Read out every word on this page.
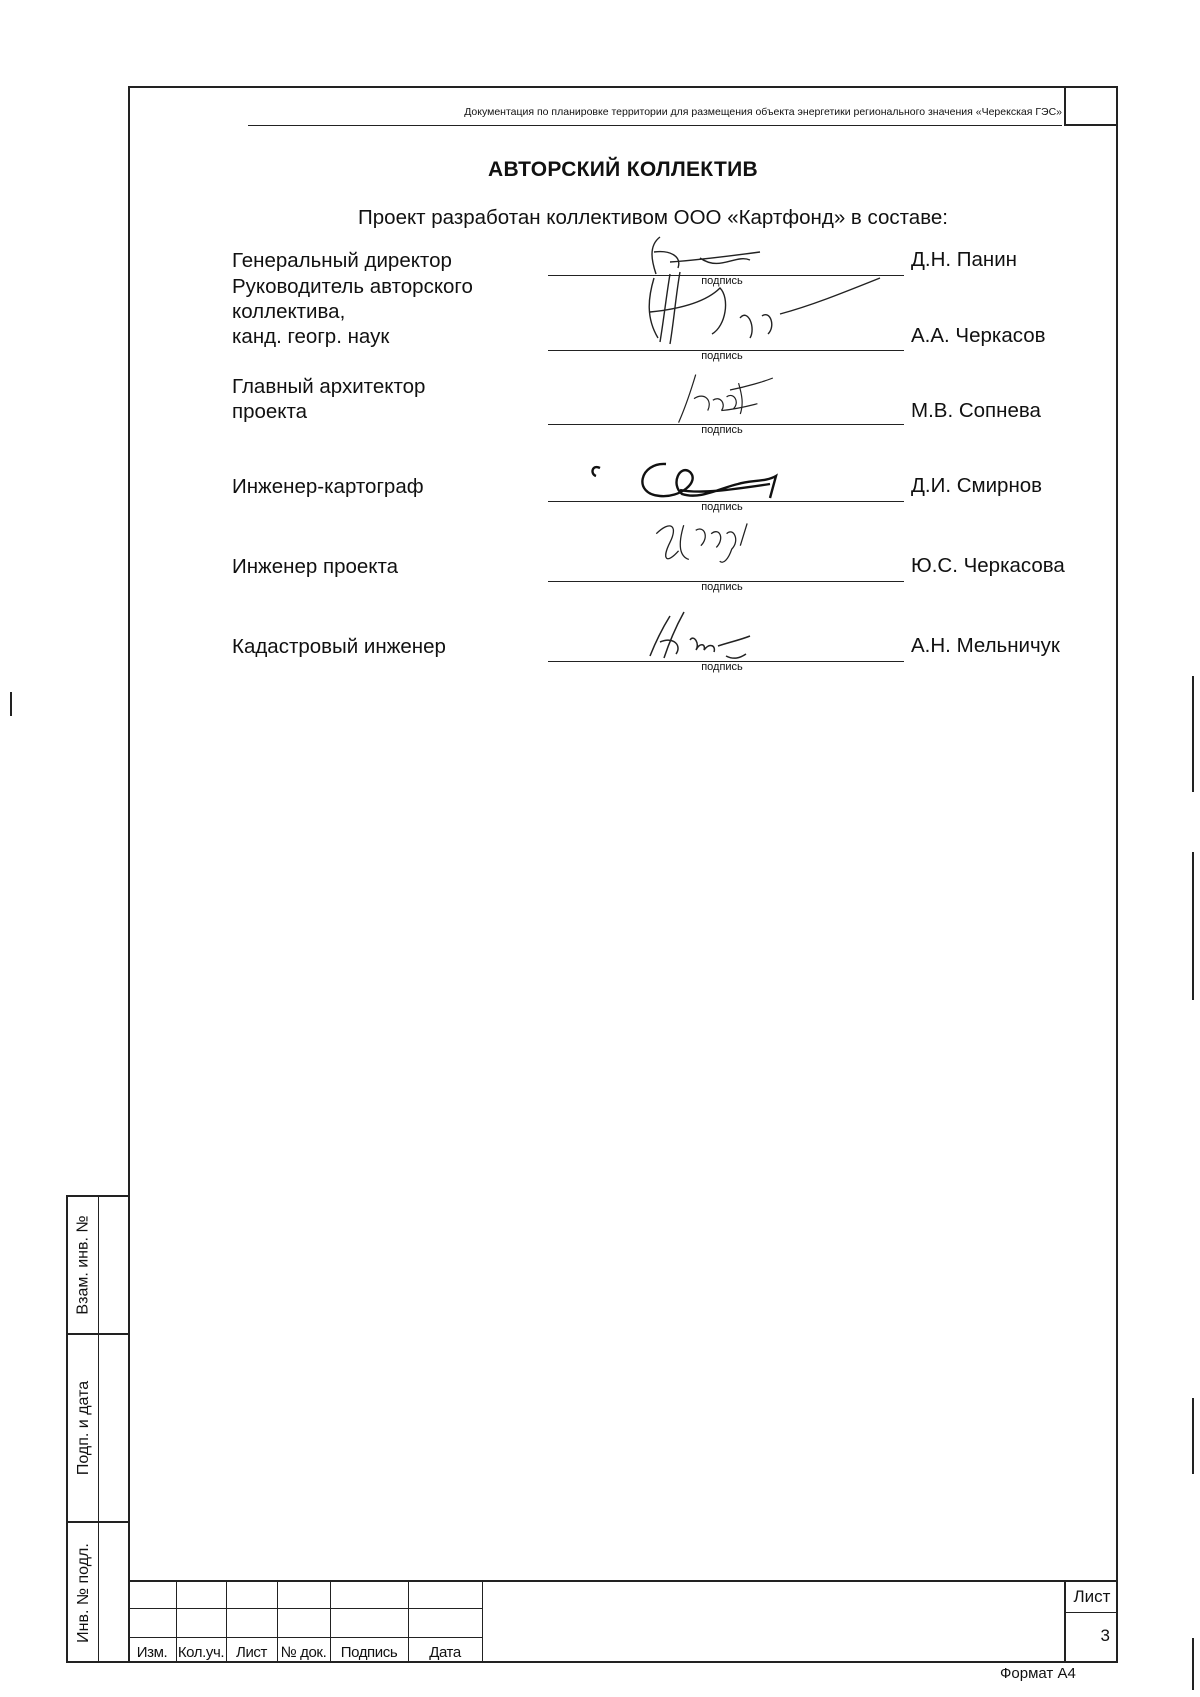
Документация по планировке территории для размещения объекта энергетики регионального значения «Черекская ГЭС»
АВТОРСКИЙ КОЛЛЕКТИВ
Проект разработан коллективом ООО «Картфонд» в составе:
Генеральный директор
подпись
Д.Н. Панин
Руководитель авторского
коллектива,
канд. геогр. наук
подпись
А.А. Черкасов
Главный архитектор
проекта
подпись
М.В. Сопнева
Инженер-картограф
подпись
Д.И. Смирнов
Инженер проекта
подпись
Ю.С. Черкасова
Кадастровый инженер
подпись
А.Н. Мельничук
Взам. инв. №
Подп. и дата
Инв. № подл.
Изм. Кол.уч. Лист № док. Подпись	Дата
Лист
3
Формат А4
